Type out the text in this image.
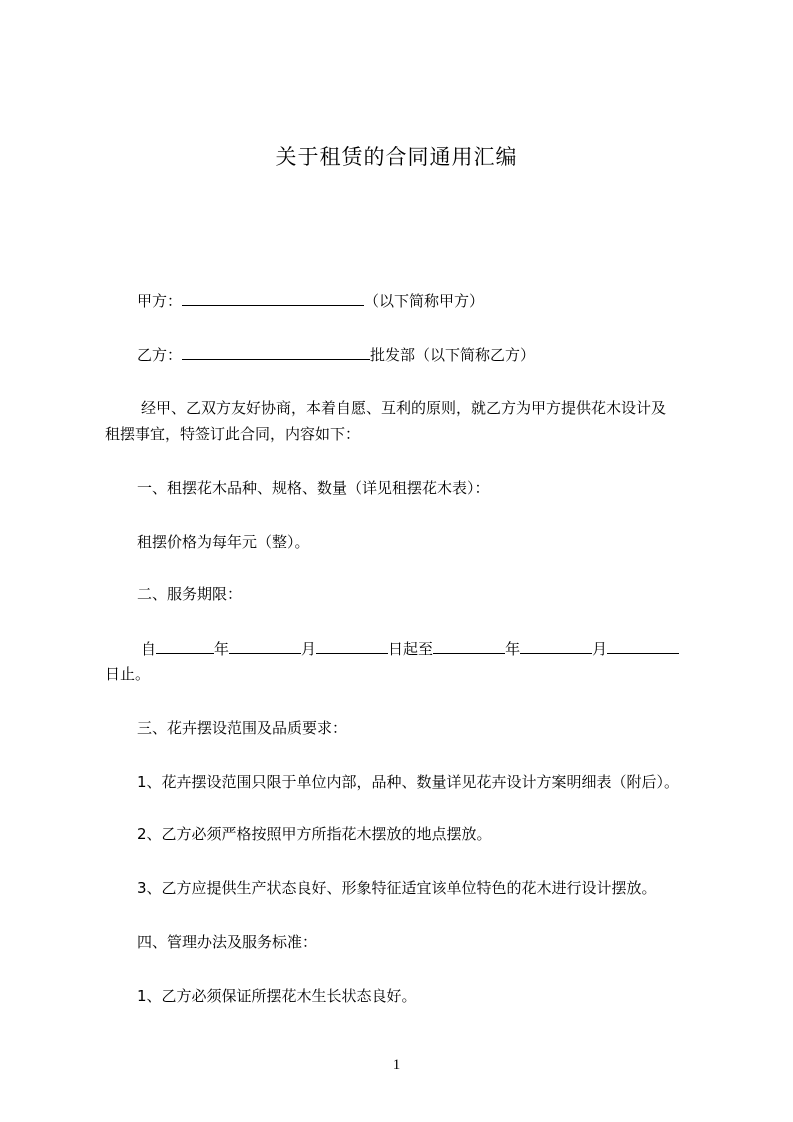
关于租赁的合同通用汇编
甲方：	（以下简称甲方）
乙方：	批发部（以下简称乙方）
经甲、乙双方友好协商，本着自愿、互利的原则，就乙方为甲方提供花木设计及
租摆事宜，特签订此合同，内容如下：
一、租摆花木品种、规格、数量（详见租摆花木表）：
租摆价格为每年元（整）。
二、服务期限：
自	年	月	日起至	年	月
日止。
三、花卉摆设范围及品质要求：
1、花卉摆设范围只限于单位内部，品种、数量详见花卉设计方案明细表（附后）。
2、乙方必须严格按照甲方所指花木摆放的地点摆放。
3、乙方应提供生产状态良好、形象特征适宜该单位特色的花木进行设计摆放。
四、管理办法及服务标准：
1、乙方必须保证所摆花木生长状态良好。
1
